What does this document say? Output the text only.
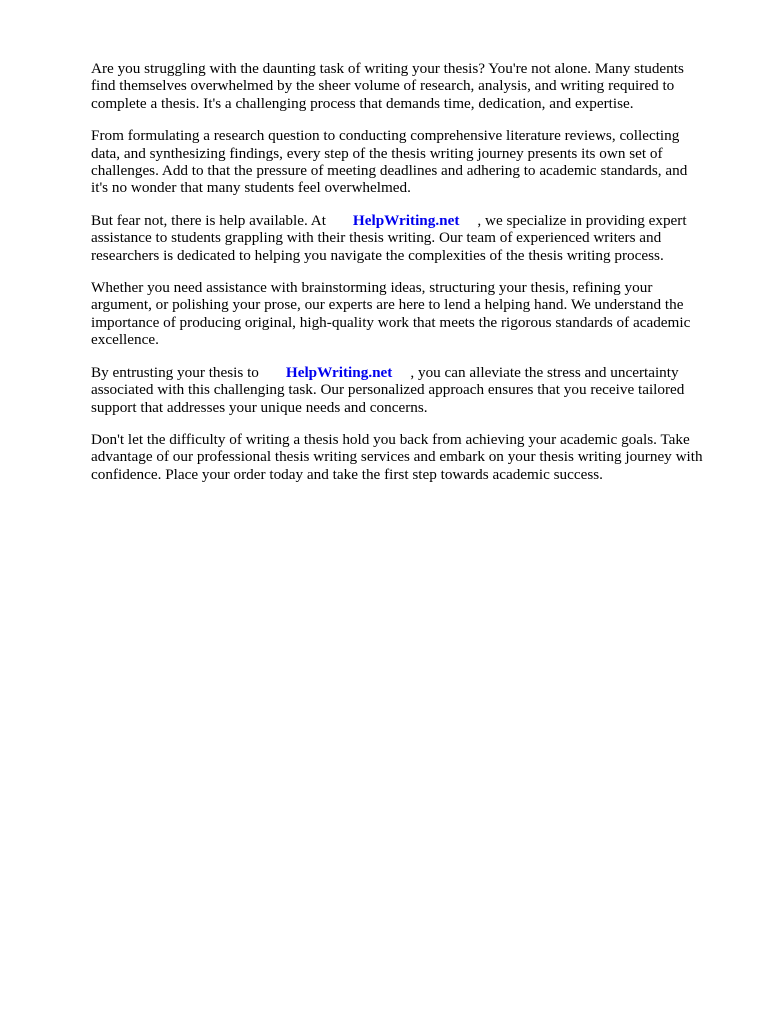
Are you struggling with the daunting task of writing your thesis? You're not alone. Many students
find themselves overwhelmed by the sheer volume of research, analysis, and writing required to
complete a thesis. It's a challenging process that demands time, dedication, and expertise.

From formulating a research question to conducting comprehensive literature reviews, collecting
data, and synthesizing findings, every step of the thesis writing journey presents its own set of
challenges. Add to that the pressure of meeting deadlines and adhering to academic standards, and
it's no wonder that many students feel overwhelmed.

But fear not, there is help available. At HelpWriting.net , we specialize in providing expert
assistance to students grappling with their thesis writing. Our team of experienced writers and
researchers is dedicated to helping you navigate the complexities of the thesis writing process.

Whether you need assistance with brainstorming ideas, structuring your thesis, refining your
argument, or polishing your prose, our experts are here to lend a helping hand. We understand the
importance of producing original, high-quality work that meets the rigorous standards of academic
excellence.

By entrusting your thesis to HelpWriting.net , you can alleviate the stress and uncertainty
associated with this challenging task. Our personalized approach ensures that you receive tailored
support that addresses your unique needs and concerns.

Don't let the difficulty of writing a thesis hold you back from achieving your academic goals. Take
advantage of our professional thesis writing services and embark on your thesis writing journey with
confidence. Place your order today and take the first step towards academic success.
